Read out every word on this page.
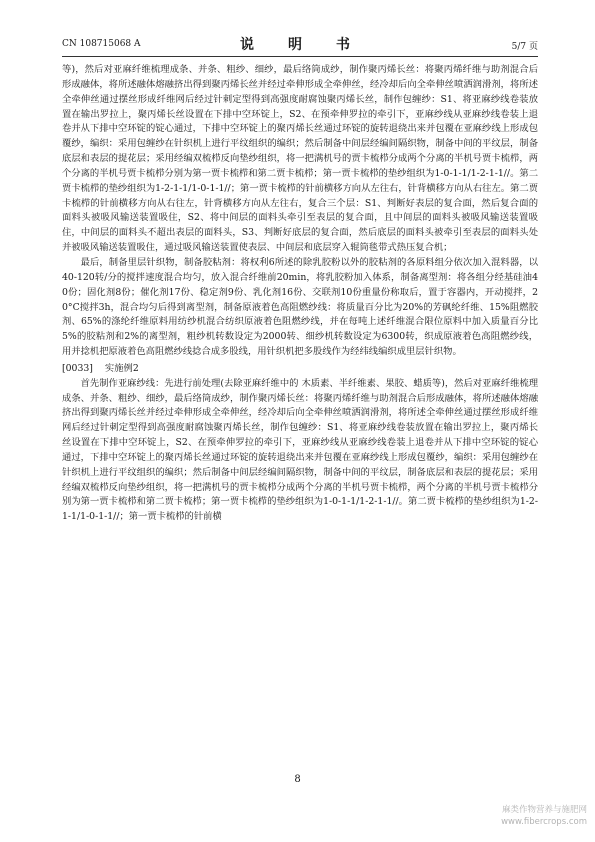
CN 108715068 A	说　明　书	5/7 页

等)，然后对亚麻纤维梳理成条、并条、粗纱、细纱，最后络筒成纱，制作聚丙烯长丝：将聚丙烯纤维与助剂混合后形成融体，将所述融体熔融挤出得到聚丙烯长丝并经过牵伸形成全牵伸丝，经冷却后向全牵伸丝喷洒润滑剂，将所述全牵伸丝通过摆丝形成纤维网后经过针刺定型得到高强度耐腐蚀聚丙烯长丝，制作包缠纱：S1、将亚麻纱线卷装放置在输出罗拉上，聚丙烯长丝设置在下排中空环锭上，S2、在预牵伸罗拉的牵引下，亚麻纱线从亚麻纱线卷装上退卷并从下排中空环锭的锭心通过，下排中空环锭上的聚丙烯长丝通过环锭的旋转退绕出来并包覆在亚麻纱线上形成包覆纱，编织：采用包缠纱在针织机上进行平纹组织的编织；然后制备中间层经编间隔织物，制备中间的平纹层，制备底层和表层的提花层；采用经编双梳栉反向垫纱组织，将一把满机号的贾卡梳栉分成两个分离的半机号贾卡梳栉，两个分离的半机号贾卡梳栉分别为第一贾卡梳栉和第二贾卡梳栉；第一贾卡梳栉的垫纱组织为1-0-1-1/1-2-1-1//。第二贾卡梳栉的垫纱组织为1-2-1-1/1-0-1-1//；第一贾卡梳栉的针前横移方向从左往右，针背横移方向从右往左。第二贾卡梳栉的针前横移方向从右往左，针背横移方向从左往右，复合三个层：S1、判断好表层的复合面，然后复合面的面料头被吸风输送装置吸住，S2、将中间层的面料头牵引至表层的复合面，且中间层的面料头被吸风输送装置吸住，中间层的面料头不超出表层的面料头，S3、判断好底层的复合面，然后底层的面料头被牵引至表层的面料头处并被吸风输送装置吸住，通过吸风输送装置使表层、中间层和底层穿入辊筒毯带式热压复合机；

最后，制备里层针织物，制备胶粘剂：将权利6所述的除乳胶粉以外的胶粘剂的各原料组分依次加入混料器，以40-120转/分的搅拌速度混合均匀，放入混合纤维前20min，将乳胶粉加入体系，制备离型剂：将各组分经基硅油40份；固化剂8份；催化剂17份、稳定剂9份、乳化剂16份、交联剂10份重量份称取后，置于容器内，开动搅拌，20°C搅拌3h，混合均匀后得到离型剂，制备原液着色高阻燃纱线：将质量百分比为20%的芳砜纶纤维、15%阻燃胶剂、65%的涤纶纤维原料用纺纱机混合纺织原液着色阻燃纱线，并在每吨上述纤维混合限位原料中加入质量百分比5%的胶粘剂和2%的离型剂，粗纱机转数设定为2000转、细纱机转数设定为6300转，织成原液着色高阻燃纱线，用并捻机把原液着色高阻燃纱线捻合成多股线，用针织机把多股线作为经纬线编织成里层针织物。

[0033] 实施例2

首先制作亚麻纱线：先进行前处理(去除亚麻纤维中的 木质素、半纤维素、果胶、蜡质等)，然后对亚麻纤维梳理成条、并条、粗纱、细纱，最后络筒成纱，制作聚丙烯长丝：将聚丙烯纤维与助剂混合后形成融体，将所述融体熔融挤出得到聚丙烯长丝并经过牵伸形成全牵伸丝，经冷却后向全牵伸丝喷洒润滑剂，将所述全牵伸丝通过摆丝形成纤维网后经过针刺定型得到高强度耐腐蚀聚丙烯长丝，制作包缠纱：S1、将亚麻纱线卷装放置在输出罗拉上，聚丙烯长丝设置在下排中空环锭上，S2、在预牵伸罗拉的牵引下，亚麻纱线从亚麻纱线卷装上退卷并从下排中空环锭的锭心通过，下排中空环锭上的聚丙烯长丝通过环锭的旋转退绕出来并包覆在亚麻纱线上形成包覆纱，编织：采用包缠纱在针织机上进行平纹组织的编织；然后制备中间层经编间隔织物，制备中间的平纹层，制备底层和表层的提花层；采用经编双梳栉反向垫纱组织，将一把满机号的贾卡梳栉分成两个分离的半机号贾卡梳栉，两个分离的半机号贾卡梳栉分别为第一贾卡梳栉和第二贾卡梳栉；第一贾卡梳栉的垫纱组织为1-0-1-1/1-2-1-1//。第二贾卡梳栉的垫纱组织为1-2-1-1/1-0-1-1//；第一贾卡梳栉的针前横

8
麻类作物营养与施肥网
www.fibercrops.com
